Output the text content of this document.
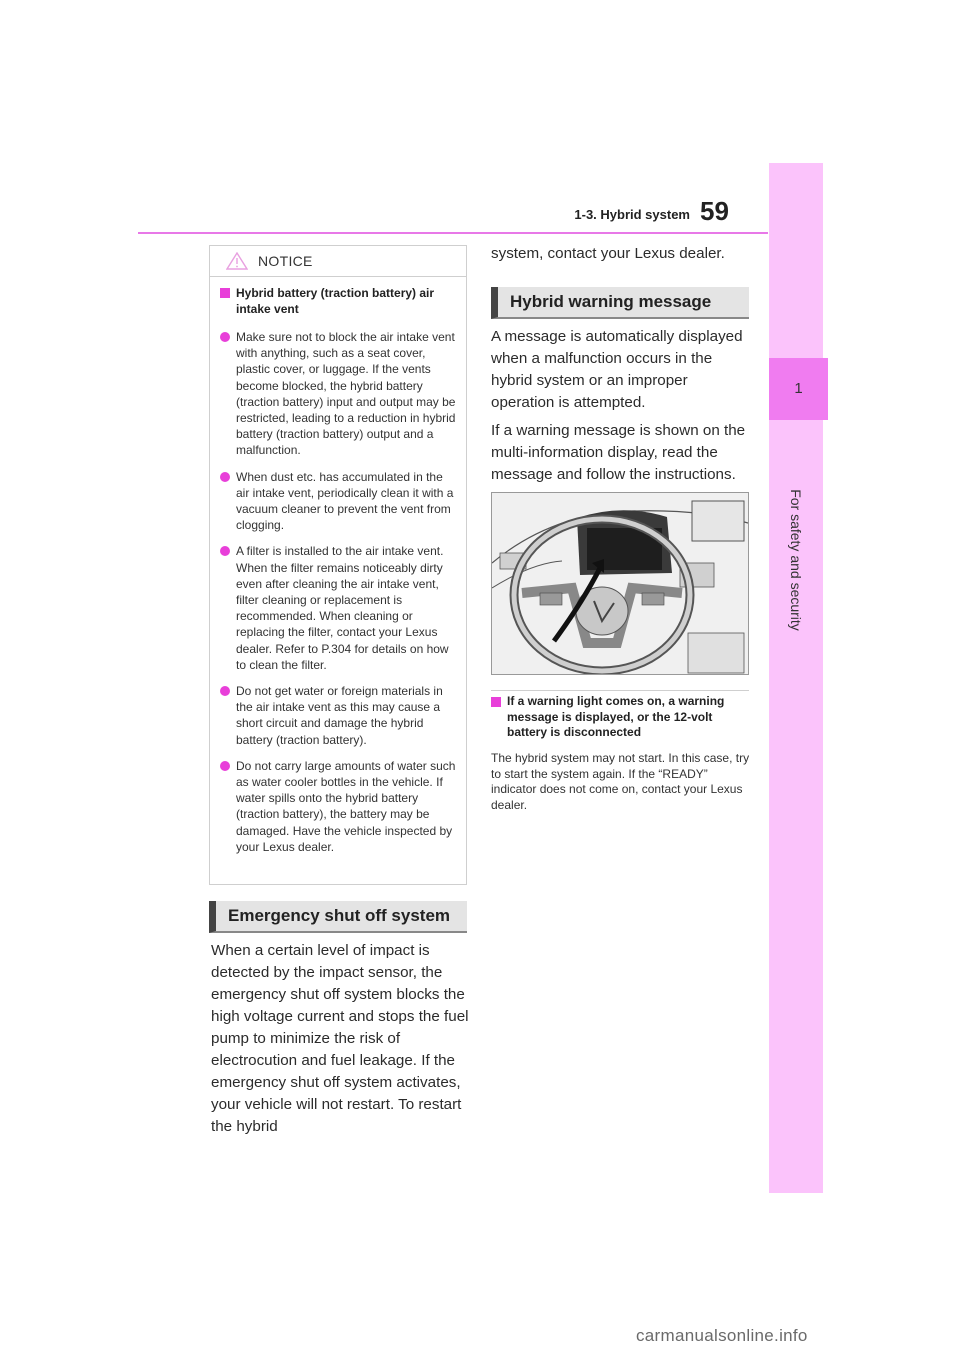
1-3. Hybrid system 59
1
For safety and security
NOTICE
Hybrid battery (traction battery) air intake vent
Make sure not to block the air intake vent with anything, such as a seat cover, plastic cover, or luggage. If the vents become blocked, the hybrid battery (traction battery) input and output may be restricted, leading to a reduction in hybrid battery (traction battery) output and a malfunction.
When dust etc. has accumulated in the air intake vent, periodically clean it with a vacuum cleaner to prevent the vent from clogging.
A filter is installed to the air intake vent. When the filter remains noticeably dirty even after cleaning the air intake vent, filter cleaning or replacement is recommended. When cleaning or replacing the filter, contact your Lexus dealer. Refer to P.304 for details on how to clean the filter.
Do not get water or foreign materials in the air intake vent as this may cause a short circuit and damage the hybrid battery (traction battery).
Do not carry large amounts of water such as water cooler bottles in the vehicle. If water spills onto the hybrid battery (traction battery), the battery may be damaged. Have the vehicle inspected by your Lexus dealer.
Emergency shut off system
When a certain level of impact is detected by the impact sensor, the emergency shut off system blocks the high voltage current and stops the fuel pump to minimize the risk of electrocution and fuel leakage. If the emergency shut off system activates, your vehicle will not restart. To restart the hybrid
system, contact your Lexus dealer.
Hybrid warning message
A message is automatically displayed when a malfunction occurs in the hybrid system or an improper operation is attempted.
If a warning message is shown on the multi-information display, read the message and follow the instructions.
If a warning light comes on, a warning message is displayed, or the 12-volt battery is disconnected
The hybrid system may not start. In this case, try to start the system again. If the “READY” indicator does not come on, contact your Lexus dealer.
carmanualsonline.info
